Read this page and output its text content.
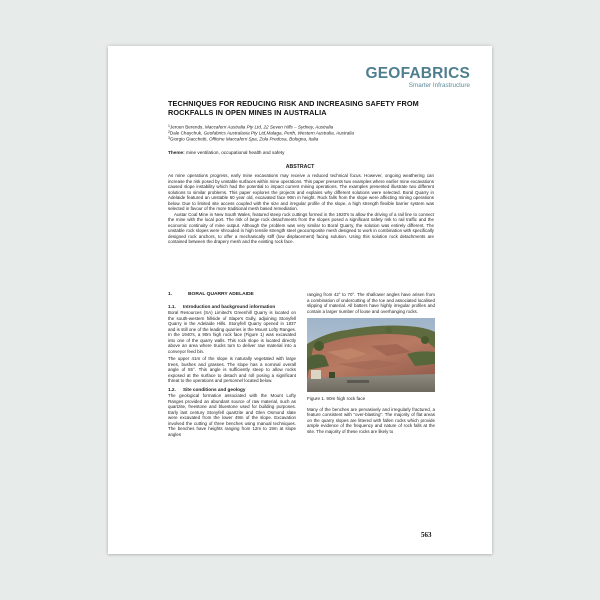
GEOFABRICS
Smarter Infrastructure
TECHNIQUES FOR REDUCING RISK AND INCREASING SAFETY FROM ROCKFALLS IN OPEN MINES IN AUSTRALIA
$^1$Jeroen Berends, Maccaferri Australia Pty Ltd, 22 Seven Hills – Sydney, Australia
$^2$Dale Chaychuk, Geofabrics Australasia Pty Ltd,Malaga, Perth, Western Australia, Australia
$^3$Giorgio Giacchetti, Officine Maccaferri Spa, Zola Predosa, Bologna, Italia
Theme: mine ventilation, occupational health and safety
ABSTRACT

As mine operations progress, early mine excavations may receive a reduced technical focus. However, ongoing weathering can increase the risk posed by unstable surfaces within mine operations. This paper presents two examples where earlier mine excavations caused slope instability which had the potential to impact current mining operations. The examples presented illustrate two different solutions to similar problems. This paper explores the projects and explains why different solutions were selected. Boral Quarry in Adelaide featured an unstable 60 year old, excavated face 90m in height. Rock falls from the slope were affecting mining operations below. Due to limited site access coupled with the size and irregular profile of the slope, a high strength flexible barrier system was selected in favour of the more traditional mesh based remediation.

Austar Coal Mine in New South Wales, featured steep rock cuttings formed in the 1920's to allow the driving of a rail line to connect the mine with the local port. The risk of large rock detachments from the slopes posed a significant safety risk to rail traffic and the economic continuity of mine output. Although the problem was very similar to Boral Quarry, the solution was entirely different. The unstable rock slopes were shrouded in high tensile strength steel geocomposite mesh designed to work in combination with specifically designed rock anchors, to offer a mechanically stiff (low displacement) facing solution. Using this solution rock detachments are contained between the drapery mesh and the existing rock face.

1.	BORAL QUARRY ADELAIDE
1.1. Introduction and background information

Boral Resources (SA) Limited's Greenhill Quarry is located on the south-western hillside of Slape's Gully, adjoining Stonyfell Quarry in the Adelaide Hills. Stonyfell Quarry opened in 1837 and is still one of the leading quarries in the Mount Lofty Ranges. In the 1940's, a 90m high rock face (Figure 1) was excavated into one of the quarry walls. This rock slope is located directly above an area where trucks turn to deliver raw material into a conveyor feed bin.

The upper 41m of the slope is naturally vegetated with large trees, bushes and grasses. The slope has a nominal overall angle of 55°. This angle is sufficiently steep to allow rocks exposed at the surface to detach and roll posing a significant threat to the operations and personnel located below.

1.2. Site conditions and geology

The geological formation associated with the Mount Lofty Ranges provided an abundant source of raw material, such as quartzite, freestone and bluestone used for building purposes. Early last century Stonyfell quartzite and Glen Osmond slate were excavated from the lower 49m of the slope. Excavation involved the cutting of three benches using manual techniques. The benches have heights ranging from 12m to 19m at slope angles

ranging from 42° to 70°. The shallower angles have arisen from a combination of undercutting of the toe and associated localised slipping of material. All batters have highly irregular profiles and contain a larger number of loose and overhanging rocks.

Figure 1. 90m high rock face

Many of the benches are pervasively and irregularly fractured, a feature consistent with "over-blasting". The majority of flat areas on the quarry slopes are littered with fallen rocks which provide ample evidence of the frequency and nature of rock falls at the site. The majority of these rocks are likely to

563
